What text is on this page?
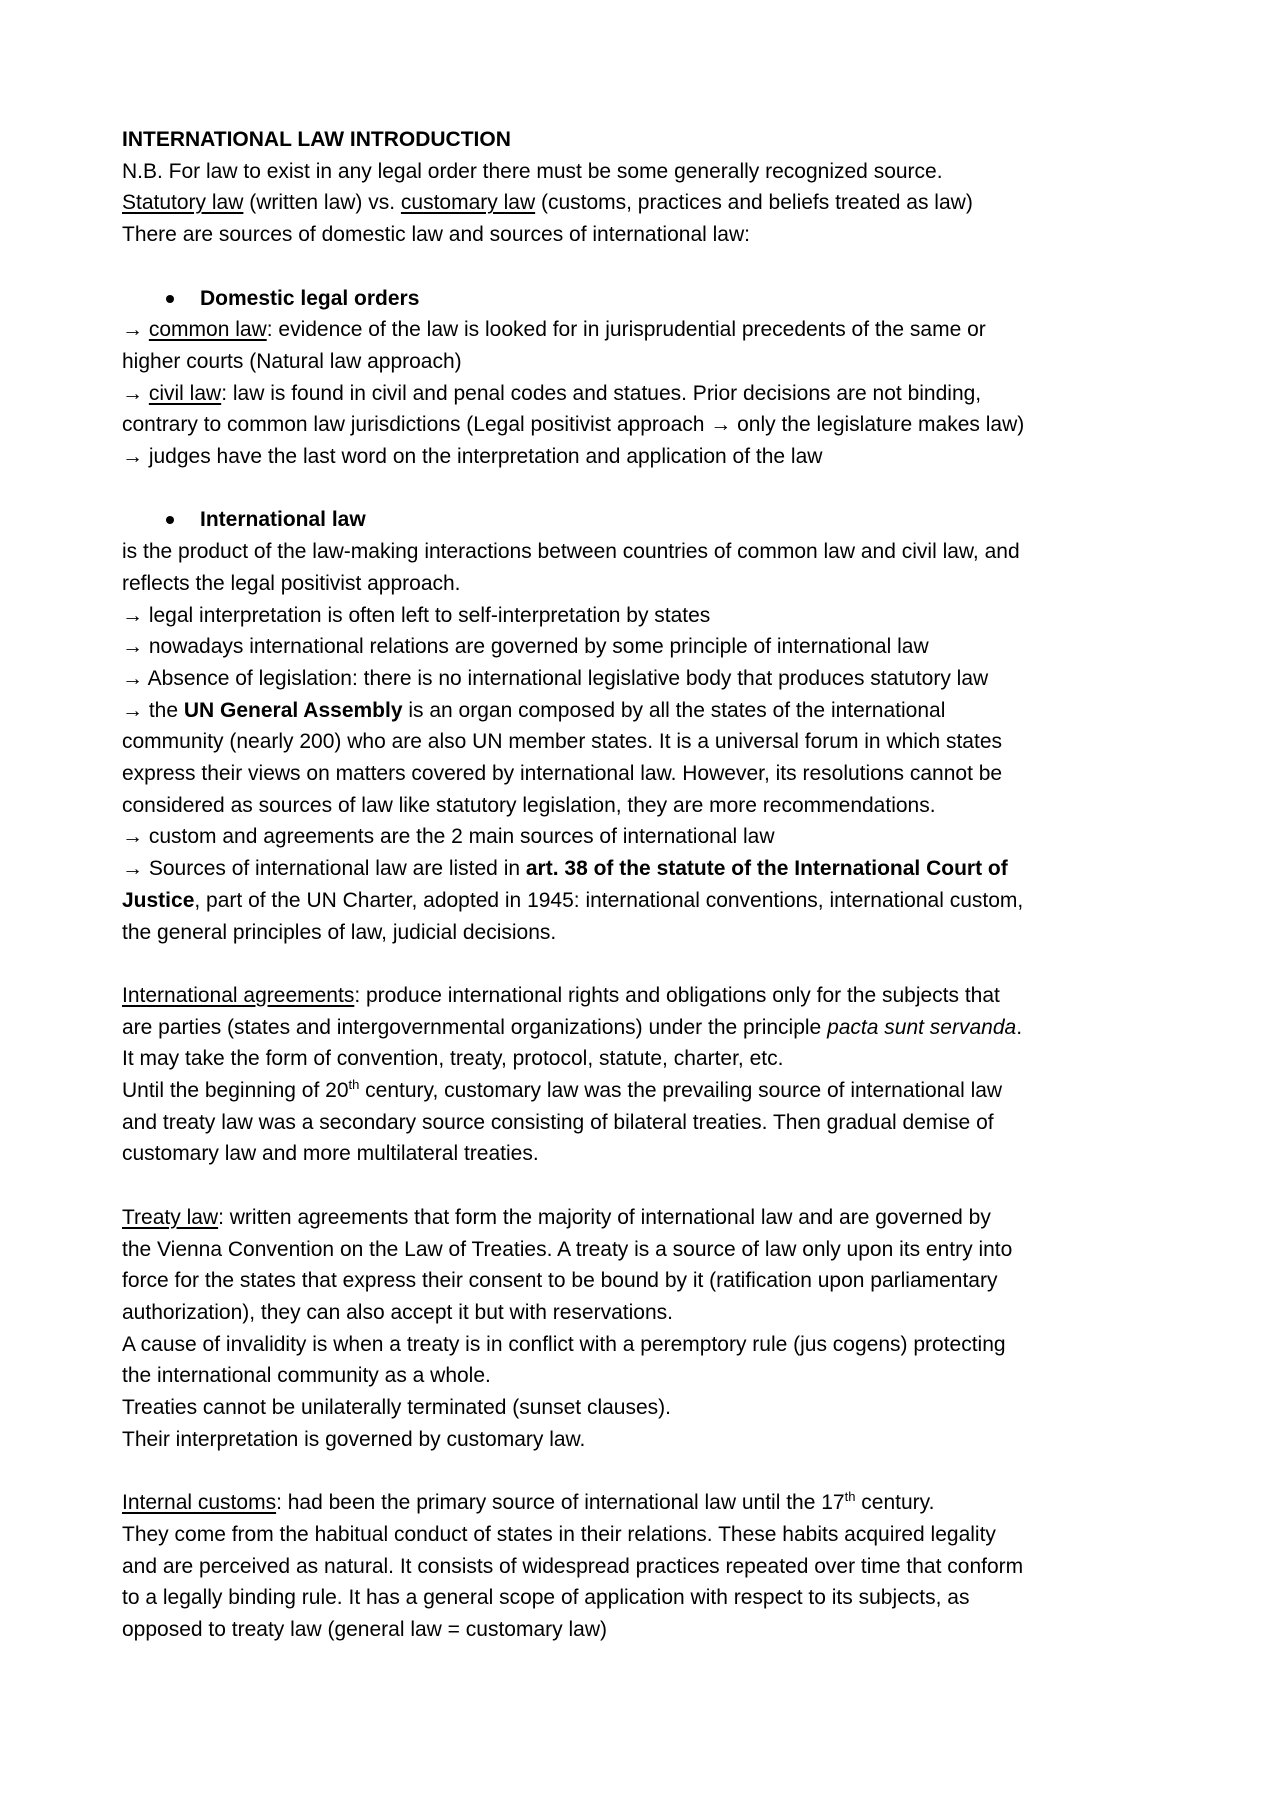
INTERNATIONAL LAW INTRODUCTION

N.B. For law to exist in any legal order there must be some generally recognized source.

Statutory law (written law) vs. customary law (customs, practices and beliefs treated as law)

There are sources of domestic law and sources of international law:

Domestic legal orders

→ common law: evidence of the law is looked for in jurisprudential precedents of the same or

higher courts (Natural law approach)

→ civil law: law is found in civil and penal codes and statues. Prior decisions are not binding,

contrary to common law jurisdictions (Legal positivist approach → only the legislature makes law)

→ judges have the last word on the interpretation and application of the law

International law

is the product of the law-making interactions between countries of common law and civil law, and

reflects the legal positivist approach.

→ legal interpretation is often left to self-interpretation by states

→ nowadays international relations are governed by some principle of international law

→ Absence of legislation: there is no international legislative body that produces statutory law

→ the UN General Assembly is an organ composed by all the states of the international

community (nearly 200) who are also UN member states. It is a universal forum in which states

express their views on matters covered by international law. However, its resolutions cannot be

considered as sources of law like statutory legislation, they are more recommendations.

→ custom and agreements are the 2 main sources of international law

→ Sources of international law are listed in art. 38 of the statute of the International Court of

Justice, part of the UN Charter, adopted in 1945: international conventions, international custom,

the general principles of law, judicial decisions.

International agreements: produce international rights and obligations only for the subjects that

are parties (states and intergovernmental organizations) under the principle pacta sunt servanda.

It may take the form of convention, treaty, protocol, statute, charter, etc.

Until the beginning of 20th century, customary law was the prevailing source of international law

and treaty law was a secondary source consisting of bilateral treaties. Then gradual demise of

customary law and more multilateral treaties.

Treaty law: written agreements that form the majority of international law and are governed by

the Vienna Convention on the Law of Treaties. A treaty is a source of law only upon its entry into

force for the states that express their consent to be bound by it (ratification upon parliamentary

authorization), they can also accept it but with reservations.

A cause of invalidity is when a treaty is in conflict with a peremptory rule (jus cogens) protecting

the international community as a whole.

Treaties cannot be unilaterally terminated (sunset clauses).

Their interpretation is governed by customary law.

Internal customs: had been the primary source of international law until the 17th century.

They come from the habitual conduct of states in their relations. These habits acquired legality

and are perceived as natural. It consists of widespread practices repeated over time that conform

to a legally binding rule. It has a general scope of application with respect to its subjects, as

opposed to treaty law (general law = customary law)
